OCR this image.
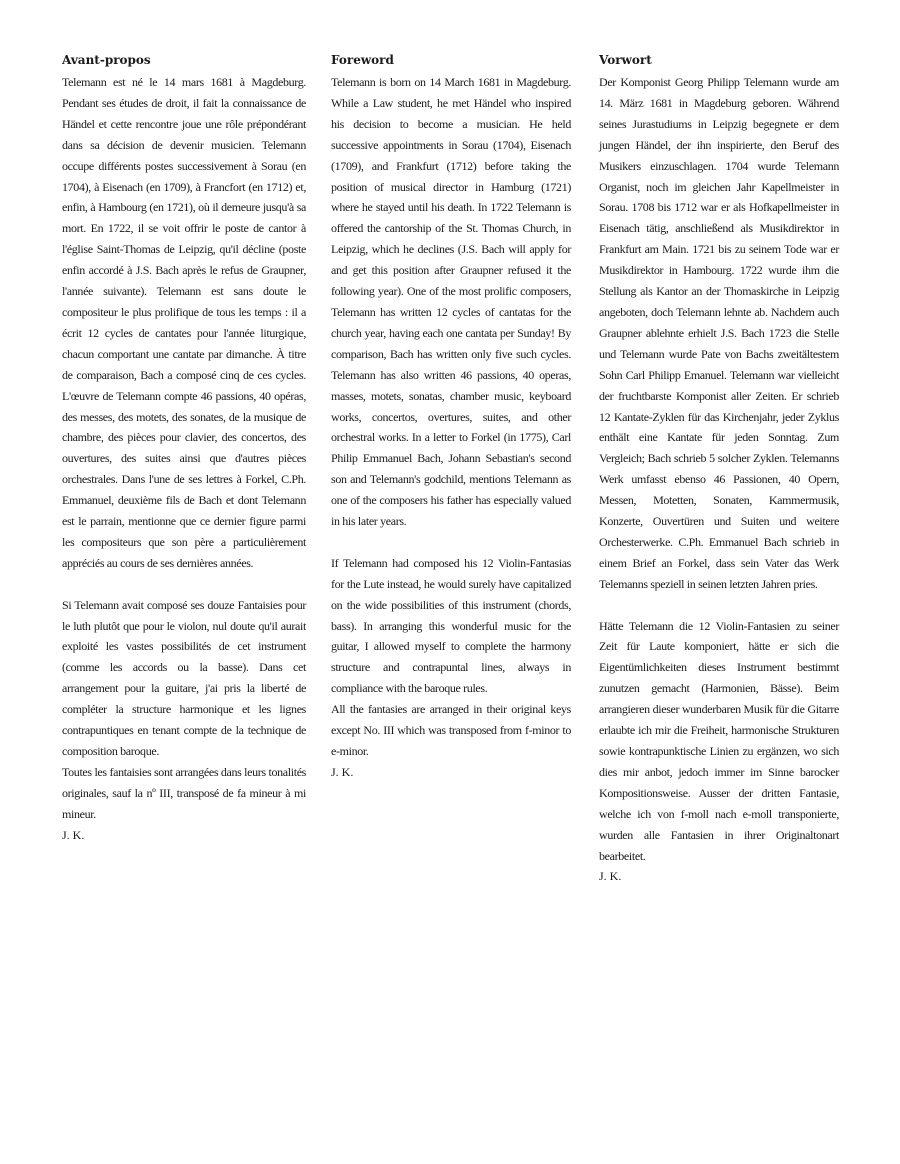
Avant-propos

Telemann est né le 14 mars 1681 à Magdeburg. Pendant ses études de droit, il fait la connaissance de Händel et cette rencontre joue une rôle prépondérant dans sa décision de devenir musicien. Telemann occupe différents postes successivement à Sorau (en 1704), à Eisenach (en 1709), à Francfort (en 1712) et, enfin, à Hambourg (en 1721), où il demeure jusqu'à sa mort. En 1722, il se voit offrir le poste de cantor à l'église Saint-Thomas de Leipzig, qu'il décline (poste enfin accordé à J.S. Bach après le refus de Graupner, l'année suivante). Telemann est sans doute le compositeur le plus prolifique de tous les temps : il a écrit 12 cycles de cantates pour l'année liturgique, chacun comportant une cantate par dimanche. À titre de comparaison, Bach a composé cinq de ces cycles. L'œuvre de Telemann compte 46 passions, 40 opéras, des messes, des motets, des sonates, de la musique de chambre, des pièces pour clavier, des concertos, des ouvertures, des suites ainsi que d'autres pièces orchestrales. Dans l'une de ses lettres à Forkel, C.Ph. Emmanuel, deuxième fils de Bach et dont Telemann est le parrain, mentionne que ce dernier figure parmi les compositeurs que son père a particulièrement appréciés au cours de ses dernières années.

Si Telemann avait composé ses douze Fantaisies pour le luth plutôt que pour le violon, nul doute qu'il aurait exploité les vastes possibilités de cet instrument (comme les accords ou la basse). Dans cet arrangement pour la guitare, j'ai pris la liberté de compléter la structure harmonique et les lignes contrapuntiques en tenant compte de la technique de composition baroque.

Toutes les fantaisies sont arrangées dans leurs tonalités originales, sauf la nº III, transposé de fa mineur à mi mineur.

J. K.
Foreword

Telemann is born on 14 March 1681 in Magdeburg. While a Law student, he met Händel who inspired his decision to become a musician. He held successive appointments in Sorau (1704), Eisenach (1709), and Frankfurt (1712) before taking the position of musical director in Hamburg (1721) where he stayed until his death. In 1722 Telemann is offered the cantorship of the St. Thomas Church, in Leipzig, which he declines (J.S. Bach will apply for and get this position after Graupner refused it the following year). One of the most prolific composers, Telemann has written 12 cycles of cantatas for the church year, having each one cantata per Sunday! By comparison, Bach has written only five such cycles. Telemann has also written 46 passions, 40 operas, masses, motets, sonatas, chamber music, keyboard works, concertos, overtures, suites, and other orchestral works. In a letter to Forkel (in 1775), Carl Philip Emmanuel Bach, Johann Sebastian's second son and Telemann's godchild, mentions Telemann as one of the composers his father has especially valued in his later years.

If Telemann had composed his 12 Violin-Fantasias for the Lute instead, he would surely have capitalized on the wide possibilities of this instrument (chords, bass). In arranging this wonderful music for the guitar, I allowed myself to complete the harmony structure and contrapuntal lines, always in compliance with the baroque rules.

All the fantasies are arranged in their original keys except No. III which was transposed from f-minor to e-minor.

J. K.
Vorwort

Der Komponist Georg Philipp Telemann wurde am 14. März 1681 in Magdeburg geboren. Während seines Jurastudiums in Leipzig begegnete er dem jungen Händel, der ihn inspirierte, den Beruf des Musikers einzuschlagen. 1704 wurde Telemann Organist, noch im gleichen Jahr Kapellmeister in Sorau. 1708 bis 1712 war er als Hofkapellmeister in Eisenach tätig, anschließend als Musikdirektor in Frankfurt am Main. 1721 bis zu seinem Tode war er Musikdirektor in Hambourg. 1722 wurde ihm die Stellung als Kantor an der Thomaskirche in Leipzig angeboten, doch Telemann lehnte ab. Nachdem auch Graupner ablehnte erhielt J.S. Bach 1723 die Stelle und Telemann wurde Pate von Bachs zweitältestem Sohn Carl Philipp Emanuel. Telemann war vielleicht der fruchtbarste Komponist aller Zeiten. Er schrieb 12 Kantate-Zyklen für das Kirchenjahr, jeder Zyklus enthält eine Kantate für jeden Sonntag. Zum Vergleich; Bach schrieb 5 solcher Zyklen. Telemanns Werk umfasst ebenso 46 Passionen, 40 Opern, Messen, Motetten, Sonaten, Kammermusik, Konzerte, Ouvertüren und Suiten und weitere Orchesterwerke. C.Ph. Emmanuel Bach schrieb in einem Brief an Forkel, dass sein Vater das Werk Telemanns speziell in seinen letzten Jahren pries.

Hätte Telemann die 12 Violin-Fantasien zu seiner Zeit für Laute komponiert, hätte er sich die Eigentümlichkeiten dieses Instrument bestimmt zunutzen gemacht (Harmonien, Bässe). Beim arrangieren dieser wunderbaren Musik für die Gitarre erlaubte ich mir die Freiheit, harmonische Strukturen sowie kontrapunktische Linien zu ergänzen, wo sich dies mir anbot, jedoch immer im Sinne barocker Kompositionsweise. Ausser der dritten Fantasie, welche ich von f-moll nach e-moll transponierte, wurden alle Fantasien in ihrer Originaltonart bearbeitet.

J. K.
